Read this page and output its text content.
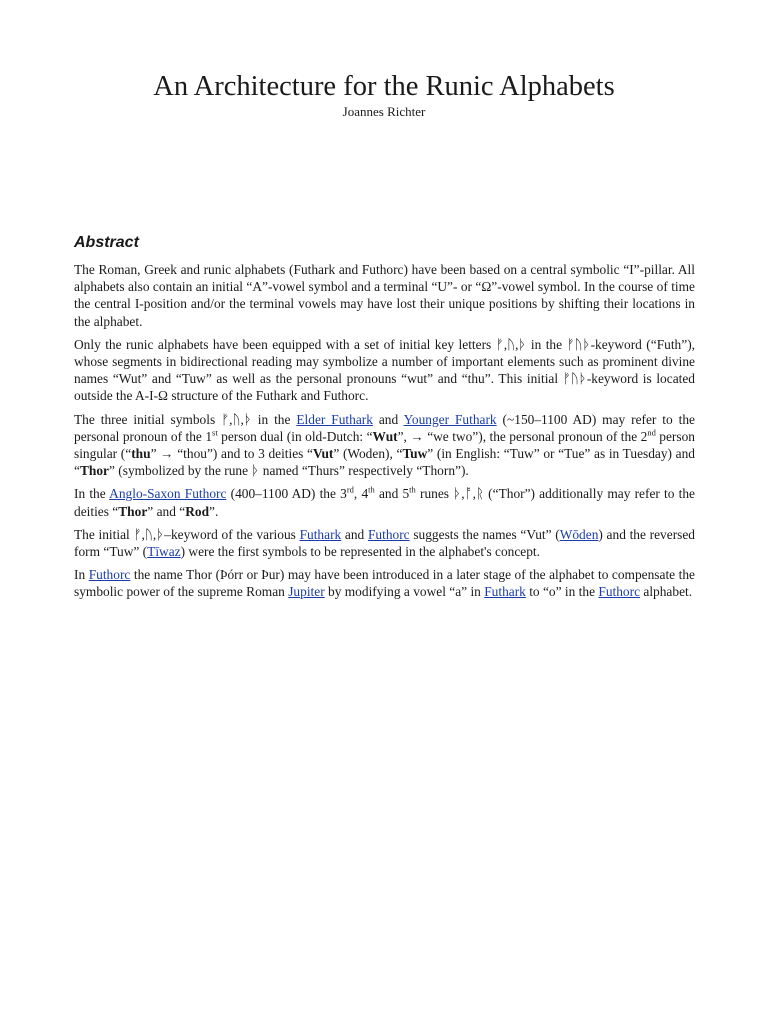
An Architecture for the Runic Alphabets
Joannes Richter
Abstract

The Roman, Greek and runic alphabets (Futhark and Futhorc) have been based on a central symbolic “I”-pillar. All alphabets also contain an initial “A”-vowel symbol and a terminal “U”- or “Ω”-vowel symbol. In the course of time the central I-position and/or the terminal vowels may have lost their unique positions by shifting their locations in the alphabet.

Only the runic alphabets have been equipped with a set of initial key letters ᚠ,ᚢ,ᚦ in the ᚠᚢᚦ-keyword (“Futh”), whose segments in bidirectional reading may symbolize a number of important elements such as prominent divine names “Wut” and “Tuw” as well as the personal pronouns “wut” and “thu”. This initial ᚠᚢᚦ-keyword is located outside the A-I-Ω structure of the Futhark and Futhorc.

The three initial symbols ᚠ,ᚢ,ᚦ in the Elder Futhark and Younger Futhark (~150–1100 AD) may refer to the personal pronoun of the 1st person dual (in old-Dutch: “Wut”, → “we two”), the personal pronoun of the 2nd person singular (“thu” → “thou”) and to 3 deities “Vut” (Woden), “Tuw” (in English: “Tuw” or “Tue” as in Tuesday) and “Thor” (symbolized by the rune ᚦ named “Thurs” respectively “Thorn”).

In the Anglo-Saxon Futhorc (400–1100 AD) the 3rd, 4th and 5th runes ᚦ,ᚩ,ᚱ (“Thor”) additionally may refer to the deities “Thor” and “Rod”.

The initial ᚠ,ᚢ,ᚦ–keyword of the various Futhark and Futhorc suggests the names “Vut” (Wōden) and the reversed form “Tuw” (Tīwaz) were the first symbols to be represented in the alphabet's concept.

In Futhorc the name Thor (Þórr or Þur) may have been introduced in a later stage of the alphabet to compensate the symbolic power of the supreme Roman Jupiter by modifying a vowel “a” in Futhark to “o” in the Futhorc alphabet.
